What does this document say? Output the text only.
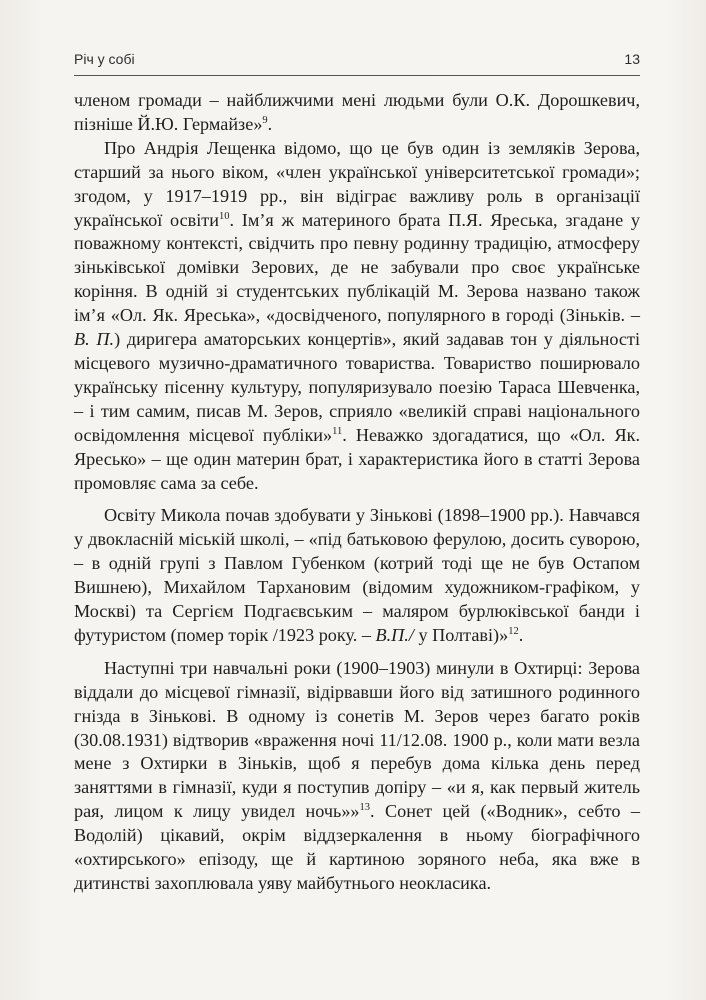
Річ у собі	13

членом громади – найближчими мені людьми були О.К. Дорошкевич, пізніше Й.Ю. Гермайзе»$^9$.

Про Андрія Лещенка відомо, що це був один із земляків Зерова, старший за нього віком, «член української університетської громади»; згодом, у 1917–1919 рр., він відіграє важливу роль в організації української освіти$^{10}$. Ім’я ж материного брата П.Я. Яреська, згадане у поважному контексті, свідчить про певну родинну традицію, атмосферу зіньківської домівки Зерових, де не забували про своє українське коріння. В одній зі студентських публікацій М. Зерова названо також ім’я «Ол. Як. Яреська», «досвідченого, популярного в городі (Зіньків. – В. П.) диригера аматорських концертів», який задавав тон у діяльності місцевого музично-драматичного товариства. Товариство поширювало українську пісенну культуру, популяризувало поезію Тараса Шевченка, – і тим самим, писав М. Зеров, сприяло «великій справі національного освідомлення місцевої публіки»$^{11}$. Неважко здогадатися, що «Ол. Як. Яресько» – ще один материн брат, і характеристика його в статті Зерова промовляє сама за себе.

Освіту Микола почав здобувати у Зінькові (1898–1900 рр.). Навчався у двокласній міській школі, – «під батьковою ферулою, досить суворою, – в одній групі з Павлом Губенком (котрий тоді ще не був Остапом Вишнею), Михайлом Тархановим (відомим художником-графіком, у Москві) та Сергієм Подгаєвським – маляром бурлюківської банди і футуристом (помер торік /1923 року. – В.П./ у Полтаві)»$^{12}$.

Наступні три навчальні роки (1900–1903) минули в Охтирці: Зерова віддали до місцевої гімназії, відірвавши його від затишного родинного гнізда в Зінькові. В одному із сонетів М. Зеров через багато років (30.08.1931) відтворив «враження ночі 11/12.08. 1900 р., коли мати везла мене з Охтирки в Зіньків, щоб я перебув дома кілька день перед заняттями в гімназії, куди я поступив допіру – «и я, как первый житель рая, лицом к лицу увидел ночь»»$^{13}$. Сонет цей («Водник», себто – Водолій) цікавий, окрім віддзеркалення в ньому біографічного «охтирського» епізоду, ще й картиною зоряного неба, яка вже в дитинстві захоплювала уяву майбутнього неокласика.
